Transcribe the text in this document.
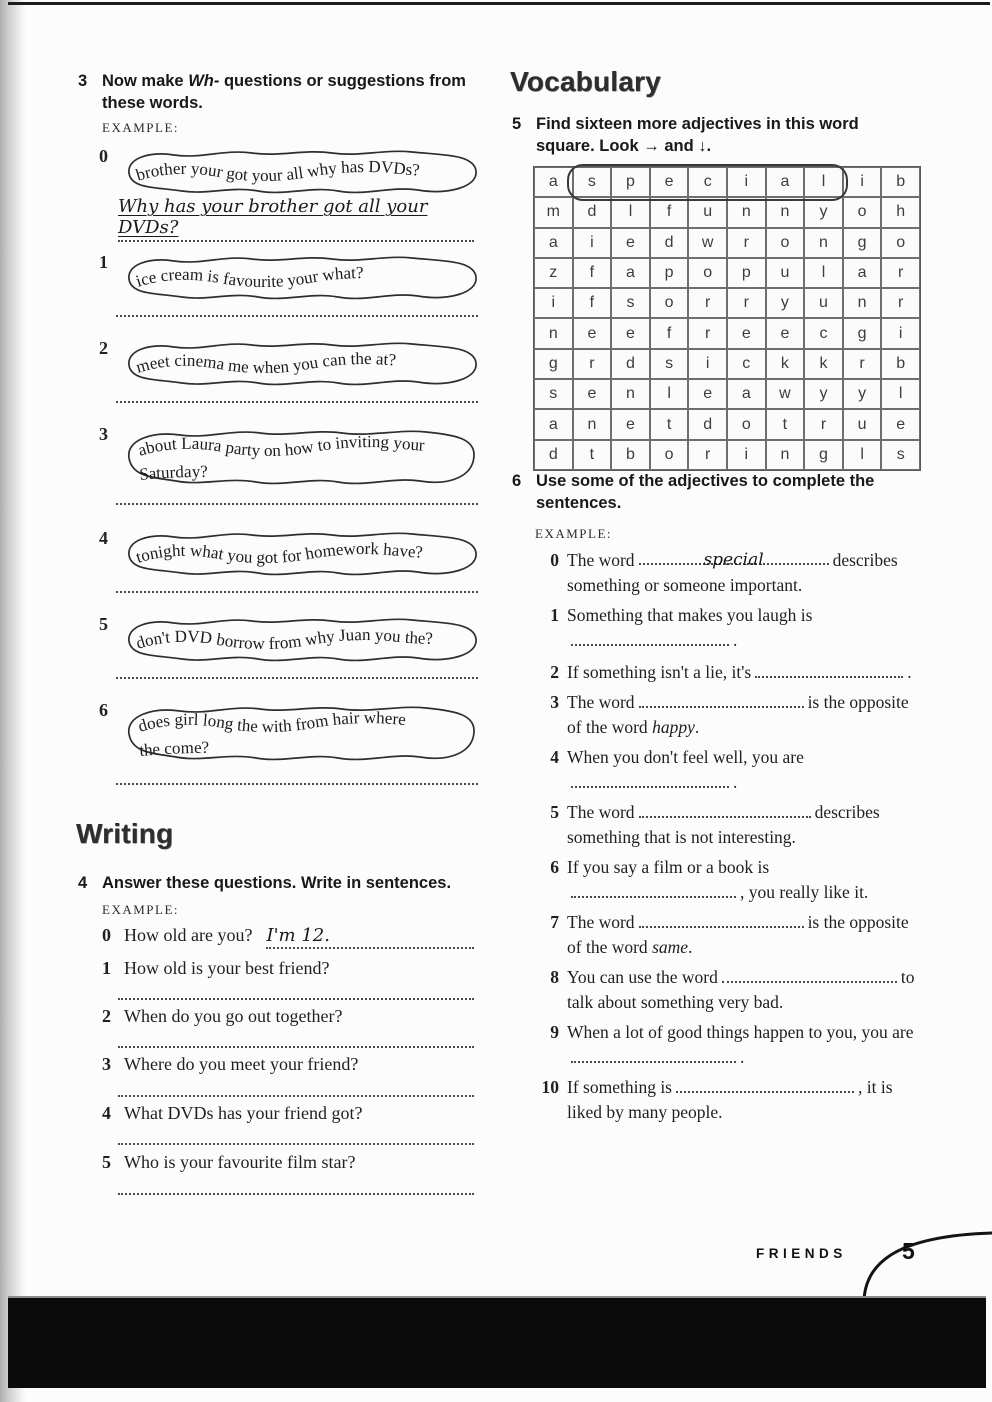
3 Now make Wh- questions or suggestions from these words.
EXAMPLE:
0
brother your got your all why has DVDs?
Why has your brother got all your DVDs?
1
ice cream is favourite your what?
2
meet cinema me when you can the at?
3
about Laura party on how to inviting your
Saturday?
4
tonight what you got for homework have?
5
don't DVD borrow from why Juan you the?
6
does girl long the with from hair where
the come?
Writing
4 Answer these questions. Write in sentences.
EXAMPLE:
0 How old are you? I'm 12.
1 How old is your best friend?
2 When do you go out together?
3 Where do you meet your friend?
4 What DVDs has your friend got?
5 Who is your favourite film star?
Vocabulary
5 Find sixteen more adjectives in this word square. Look → and ↓.
a	s	p	e	c	i	a	l	i	b
m	d	l	f	u	n	n	y	o	h
a	i	e	d	w	r	o	n	g	o
z	f	a	p	o	p	u	l	a	r
i	f	s	o	r	r	y	u	n	r
n	e	e	f	r	e	e	c	g	i
g	r	d	s	i	c	k	k	r	b
s	e	n	l	e	a	w	y	y	l
a	n	e	t	d	o	t	r	u	e
d	t	b	o	r	i	n	g	l	s
6 Use some of the adjectives to complete the sentences.
EXAMPLE:
0 The word	special	describes something or someone important.
1 Something that makes you laugh is.
2 If something isn't a lie, it's	.
3 The word	is the opposite of the word happy.
4 When you don't feel well, you are.
5 The word	describes something that is not interesting.
6 If you say a film or a book is, you really like it.
7 The word	is the opposite of the word same.
8 You can use the word	to talk about something very bad.
9 When a lot of good things happen to you, you are.
10 If something is	, it is liked by many people.
FRIENDS 5
